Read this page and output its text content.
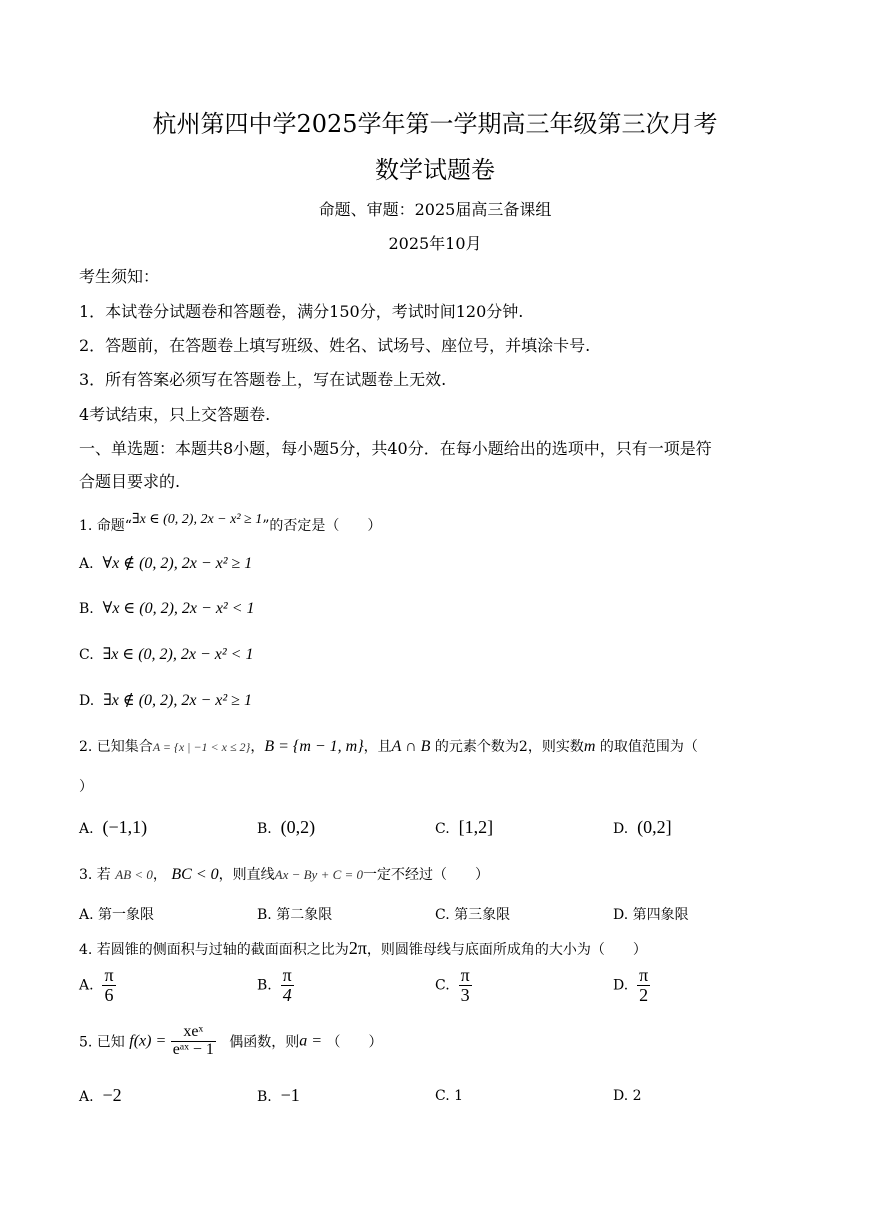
杭州第四中学2025学年第一学期高三年级第三次月考
数学试题卷
命题、审题：2025届高三备课组
2025年10月
考生须知：
1．本试卷分试题卷和答题卷，满分150分，考试时间120分钟.
2．答题前，在答题卷上填写班级、姓名、试场号、座位号，并填涂卡号.
3．所有答案必须写在答题卷上，写在试题卷上无效.
4考试结束，只上交答题卷.
一、单选题：本题共8小题，每小题5分，共40分．在每小题给出的选项中，只有一项是符
合题目要求的.
1. 命题“∃x ∈ (0, 2), 2x − x² ≥ 1”的否定是（　　）
A. ∀x ∉ (0, 2), 2x − x² ≥ 1
B. ∀x ∈ (0, 2), 2x − x² < 1
C. ∃x ∈ (0, 2), 2x − x² < 1
D. ∃x ∉ (0, 2), 2x − x² ≥ 1
2. 已知集合A = {x | −1 < x ≤ 2}，B = {m − 1, m}，且A ∩ B 的元素个数为2，则实数m 的取值范围为（
）
A. (−1,1)	B. (0,2)	C. [1,2]	D. (0,2]
3. 若 AB < 0， BC < 0，则直线Ax − By + C = 0一定不经过（　　）
A. 第一象限	B. 第二象限	C. 第三象限	D. 第四象限
4. 若圆锥的侧面积与过轴的截面面积之比为2π，则圆锥母线与底面所成角的大小为（　　）
A. $\frac{\pi}{6}$	B. $\frac{\pi}{4}$	C. $\frac{\pi}{3}$	D. $\frac{\pi}{2}$
5. 已知 $f(x) = \frac{\text{xeˣ}}{\text{eᵃˣ − 1}}$ 偶函数，则a = （　　）
A. −2	B. −1	C. 1	D. 2
